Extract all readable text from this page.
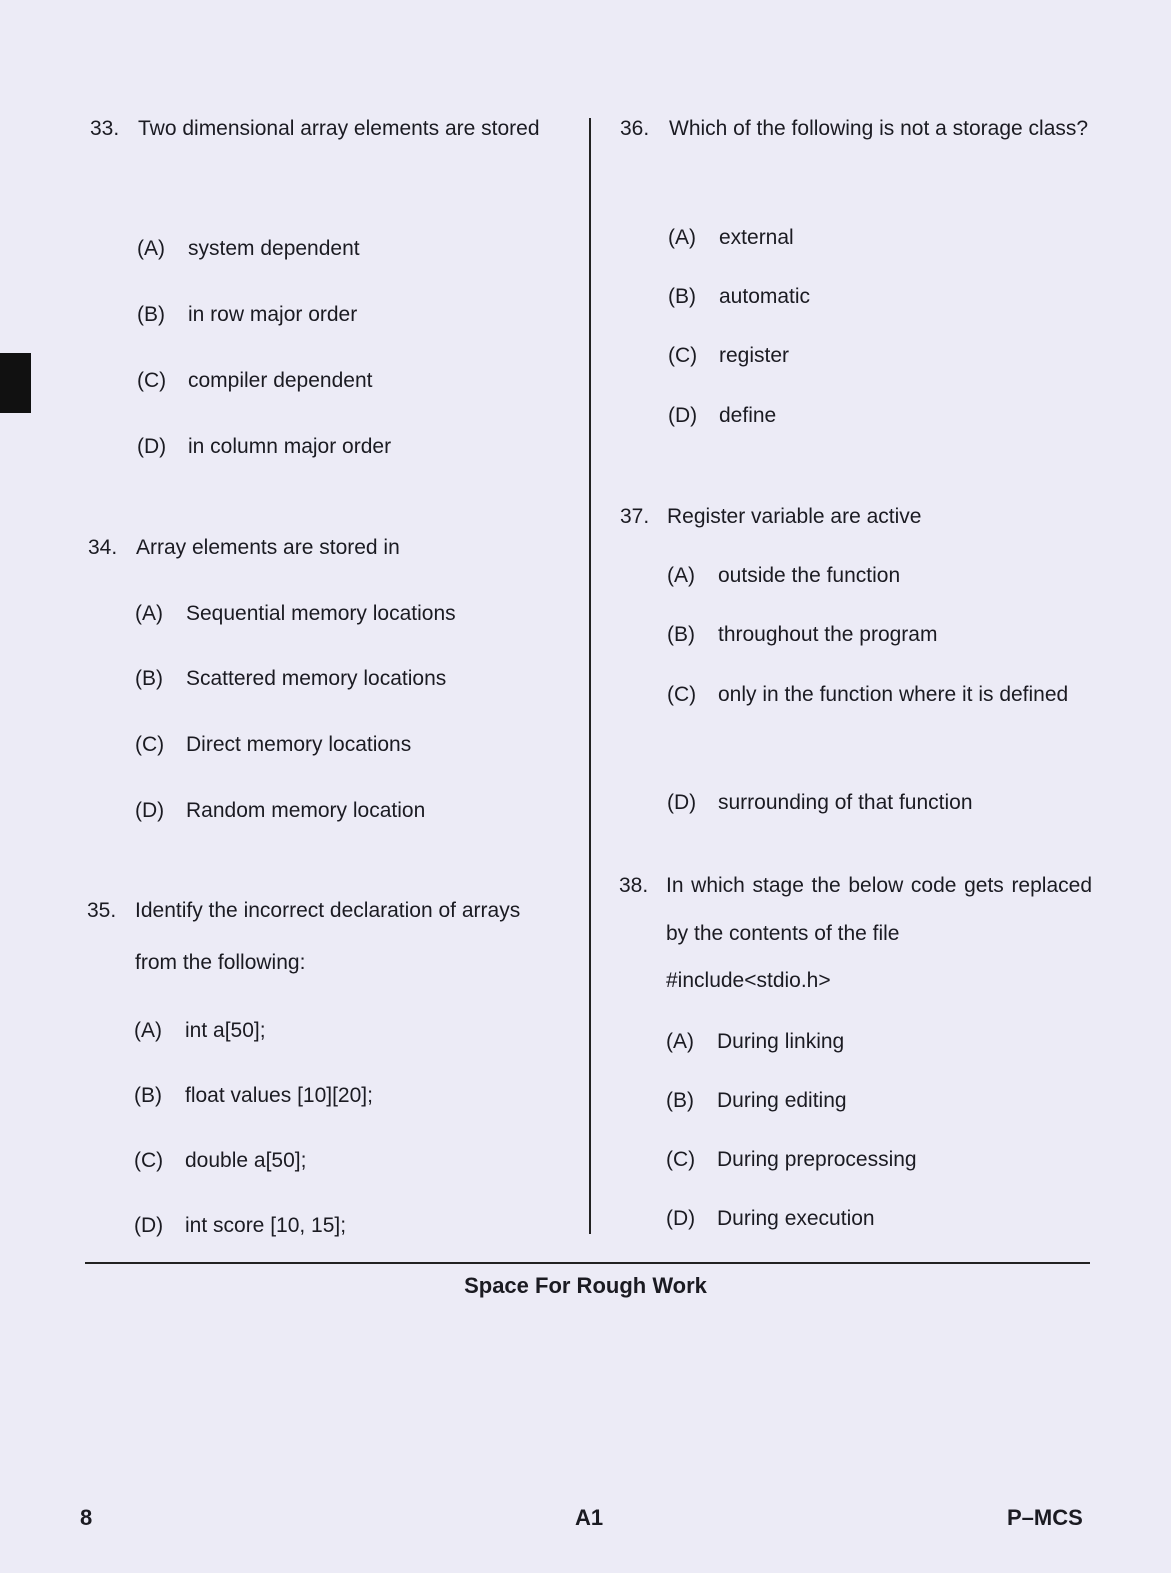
33. Two dimensional array elements are stored
(A) system dependent
(B) in row major order
(C) compiler dependent
(D) in column major order
34. Array elements are stored in
(A) Sequential memory locations
(B) Scattered memory locations
(C) Direct memory locations
(D) Random memory location
35. Identify the incorrect declaration of arrays from the following:
(A) int a[50];
(B) float values [10][20];
(C) double a[50];
(D) int score [10, 15];
36. Which of the following is not a storage class?
(A) external
(B) automatic
(C) register
(D) define
37. Register variable are active
(A) outside the function
(B) throughout the program
(C) only in the function where it is defined
(D) surrounding of that function
38. In which stage the below code gets replaced by the contents of the file
#include<stdio.h>
(A) During linking
(B) During editing
(C) During preprocessing
(D) During execution
Space For Rough Work
8	A1	P–MCS
